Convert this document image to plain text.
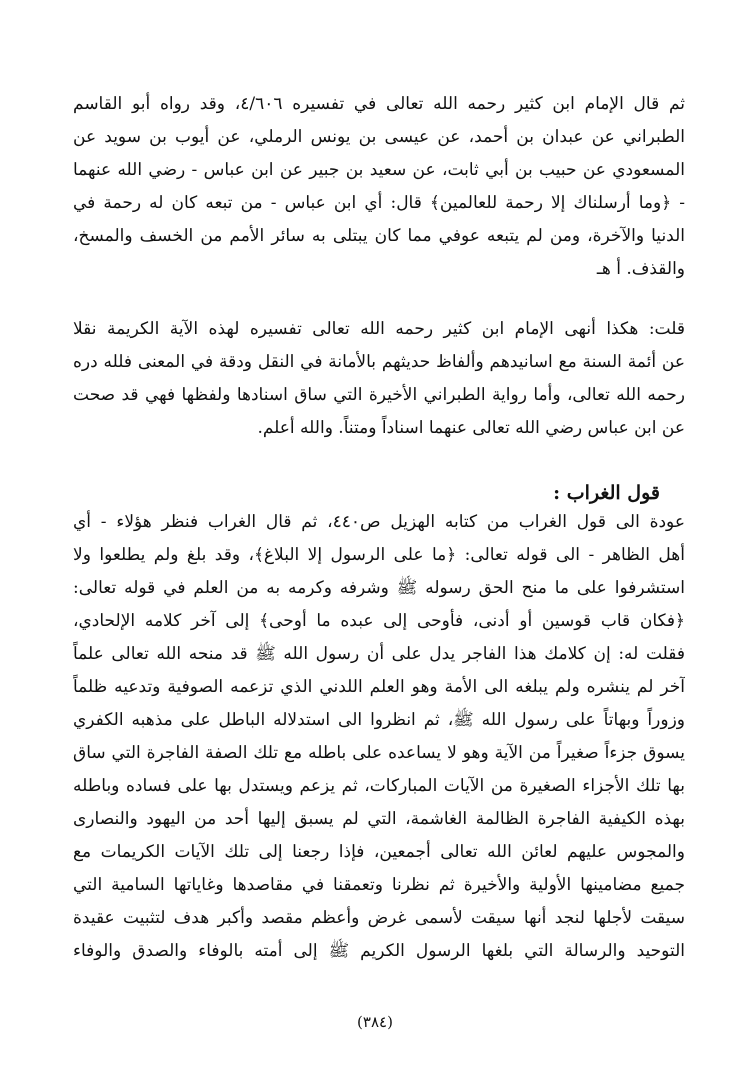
ثم قال الإمام ابن كثير رحمه الله تعالى في تفسيره ٤/٦٠٦، وقد رواه أبو القاسم
الطبراني عن عبدان بن أحمد، عن عيسى بن يونس الرملي، عن أيوب بن سويد عن
المسعودي عن حبيب بن أبي ثابت، عن سعيد بن جبير عن ابن عباس - رضي الله عنهما
- ﴿وما أرسلناك إلا رحمة للعالمين﴾ قال: أي ابن عباس - من تبعه كان له رحمة في
الدنيا والآخرة، ومن لم يتبعه عوفي مما كان يبتلى به سائر الأمم من الخسف والمسخ،
والقذف. أ هـ
قلت: هكذا أنهى الإمام ابن كثير رحمه الله تعالى تفسيره لهذه الآية الكريمة نقلا
عن أئمة السنة مع اسانيدهم وألفاظ حديثهم بالأمانة في النقل ودقة في المعنى فلله دره
رحمه الله تعالى، وأما رواية الطبراني الأخيرة التي ساق اسنادها ولفظها فهي قد صحت
عن ابن عباس رضي الله تعالى عنهما اسناداً ومتناً. والله أعلم.
قول الغراب :
عودة الى قول الغراب من كتابه الهزيل ص٤٤٠، ثم قال الغراب فنظر هؤلاء - أي
أهل الظاهر - الى قوله تعالى: ﴿ما على الرسول إلا البلاغ﴾، وقد بلغ ولم يطلعوا ولا
استشرفوا على ما منح الحق رسوله ﷺ وشرفه وكرمه به من العلم في قوله تعالى:
﴿فكان قاب قوسين أو أدنى، فأوحى إلى عبده ما أوحى﴾ إلى آخر كلامه الإلحادي،
فقلت له: إن كلامك هذا الفاجر يدل على أن رسول الله ﷺ قد منحه الله تعالى علماً
آخر لم ينشره ولم يبلغه الى الأمة وهو العلم اللدني الذي تزعمه الصوفية وتدعيه ظلماً
وزوراً وبهاتاً على رسول الله ﷺ، ثم انظروا الى استدلاله الباطل على مذهبه الكفري
يسوق جزءاً صغيراً من الآية وهو لا يساعده على باطله مع تلك الصفة الفاجرة التي ساق
بها تلك الأجزاء الصغيرة من الآيات المباركات، ثم يزعم ويستدل بها على فساده وباطله
بهذه الكيفية الفاجرة الظالمة الغاشمة، التي لم يسبق إليها أحد من اليهود والنصارى
والمجوس عليهم لعائن الله تعالى أجمعين، فإذا رجعنا إلى تلك الآيات الكريمات مع
جميع مضامينها الأولية والأخيرة ثم نظرنا وتعمقنا في مقاصدها وغاياتها السامية التي
سيقت لأجلها لنجد أنها سيقت لأسمى غرض وأعظم مقصد وأكبر هدف لتثبيت عقيدة
التوحيد والرسالة التي بلغها الرسول الكريم ﷺ إلى أمته بالوفاء والصدق والوفاء
(٣٨٤)
